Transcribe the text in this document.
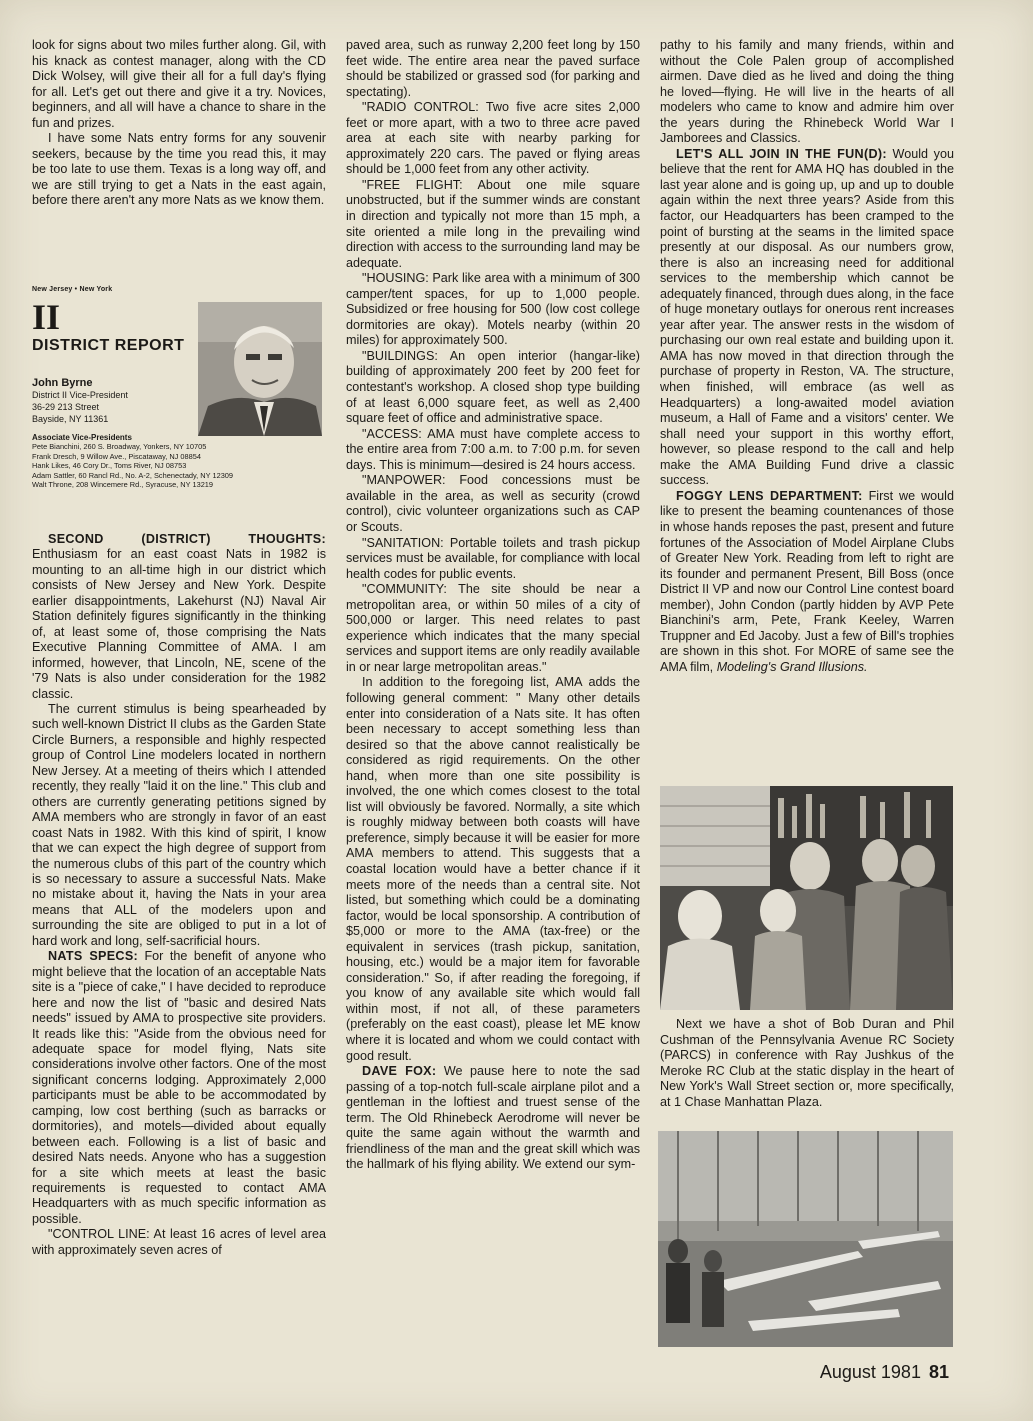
look for signs about two miles further along. Gil, with his knack as contest manager, along with the CD Dick Wolsey, will give their all for a full day's flying for all. Let's get out there and give it a try. Novices, beginners, and all will have a chance to share in the fun and prizes.

I have some Nats entry forms for any souvenir seekers, because by the time you read this, it may be too late to use them. Texas is a long way off, and we are still trying to get a Nats in the east again, before there aren't any more Nats as we know them.

New Jersey • New York
II
DISTRICT REPORT
John Byrne
District II Vice-President
36-29 213 Street
Bayside, NY 11361
Associate Vice-Presidents
Pete Bianchini, 260 S. Broadway, Yonkers, NY 10705
Frank Dresch, 9 Willow Ave., Piscataway, NJ 08854
Hank Likes, 46 Cory Dr., Toms River, NJ 08753
Adam Sattler, 60 Rancl Rd., No. A-2, Schenectady, NY 12309
Walt Throne, 208 Wincemere Rd., Syracuse, NY 13219

SECOND (DISTRICT) THOUGHTS: Enthusiasm for an east coast Nats in 1982 is mounting to an all-time high in our district which consists of New Jersey and New York. Despite earlier disappointments, Lakehurst (NJ) Naval Air Station definitely figures significantly in the thinking of, at least some of, those comprising the Nats Executive Planning Committee of AMA. I am informed, however, that Lincoln, NE, scene of the '79 Nats is also under consideration for the 1982 classic.

The current stimulus is being spearheaded by such well-known District II clubs as the Garden State Circle Burners, a responsible and highly respected group of Control Line modelers located in northern New Jersey. At a meeting of theirs which I attended recently, they really "laid it on the line." This club and others are currently generating petitions signed by AMA members who are strongly in favor of an east coast Nats in 1982. With this kind of spirit, I know that we can expect the high degree of support from the numerous clubs of this part of the country which is so necessary to assure a successful Nats. Make no mistake about it, having the Nats in your area means that ALL of the modelers upon and surrounding the site are obliged to put in a lot of hard work and long, self-sacrificial hours.

NATS SPECS: For the benefit of anyone who might believe that the location of an acceptable Nats site is a "piece of cake," I have decided to reproduce here and now the list of "basic and desired Nats needs" issued by AMA to prospective site providers. It reads like this: "Aside from the obvious need for adequate space for model flying, Nats site considerations involve other factors. One of the most significant concerns lodging. Approximately 2,000 participants must be able to be accommodated by camping, low cost berthing (such as barracks or dormitories), and motels—divided about equally between each. Following is a list of basic and desired Nats needs. Anyone who has a suggestion for a site which meets at least the basic requirements is requested to contact AMA Headquarters with as much specific information as possible.

"CONTROL LINE: At least 16 acres of level area with approximately seven acres of

paved area, such as runway 2,200 feet long by 150 feet wide. The entire area near the paved surface should be stabilized or grassed sod (for parking and spectating).

"RADIO CONTROL: Two five acre sites 2,000 feet or more apart, with a two to three acre paved area at each site with nearby parking for approximately 220 cars. The paved or flying areas should be 1,000 feet from any other activity.

"FREE FLIGHT: About one mile square unobstructed, but if the summer winds are constant in direction and typically not more than 15 mph, a site oriented a mile long in the prevailing wind direction with access to the surrounding land may be adequate.

"HOUSING: Park like area with a minimum of 300 camper/tent spaces, for up to 1,000 people. Subsidized or free housing for 500 (low cost college dormitories are okay). Motels nearby (within 20 miles) for approximately 500.

"BUILDINGS: An open interior (hangar-like) building of approximately 200 feet by 200 feet for contestant's workshop. A closed shop type building of at least 6,000 square feet, as well as 2,400 square feet of office and administrative space.

"ACCESS: AMA must have complete access to the entire area from 7:00 a.m. to 7:00 p.m. for seven days. This is minimum—desired is 24 hours access.

"MANPOWER: Food concessions must be available in the area, as well as security (crowd control), civic volunteer organizations such as CAP or Scouts.

"SANITATION: Portable toilets and trash pickup services must be available, for compliance with local health codes for public events.

"COMMUNITY: The site should be near a metropolitan area, or within 50 miles of a city of 500,000 or larger. This need relates to past experience which indicates that the many special services and support items are only readily available in or near large metropolitan areas."

In addition to the foregoing list, AMA adds the following general comment: " Many other details enter into consideration of a Nats site. It has often been necessary to accept something less than desired so that the above cannot realistically be considered as rigid requirements. On the other hand, when more than one site possibility is involved, the one which comes closest to the total list will obviously be favored. Normally, a site which is roughly midway between both coasts will have preference, simply because it will be easier for more AMA members to attend. This suggests that a coastal location would have a better chance if it meets more of the needs than a central site. Not listed, but something which could be a dominating factor, would be local sponsorship. A contribution of $5,000 or more to the AMA (tax-free) or the equivalent in services (trash pickup, sanitation, housing, etc.) would be a major item for favorable consideration." So, if after reading the foregoing, if you know of any available site which would fall within most, if not all, of these parameters (preferably on the east coast), please let ME know where it is located and whom we could contact with good result.

DAVE FOX: We pause here to note the sad passing of a top-notch full-scale airplane pilot and a gentleman in the loftiest and truest sense of the term. The Old Rhinebeck Aerodrome will never be quite the same again without the warmth and friendliness of the man and the great skill which was the hallmark of his flying ability. We extend our sym-

pathy to his family and many friends, within and without the Cole Palen group of accomplished airmen. Dave died as he lived and doing the thing he loved—flying. He will live in the hearts of all modelers who came to know and admire him over the years during the Rhinebeck World War I Jamborees and Classics.

LET'S ALL JOIN IN THE FUN(D): Would you believe that the rent for AMA HQ has doubled in the last year alone and is going up, up and up to double again within the next three years? Aside from this factor, our Headquarters has been cramped to the point of bursting at the seams in the limited space presently at our disposal. As our numbers grow, there is also an increasing need for additional services to the membership which cannot be adequately financed, through dues along, in the face of huge monetary outlays for onerous rent increases year after year. The answer rests in the wisdom of purchasing our own real estate and building upon it. AMA has now moved in that direction through the purchase of property in Reston, VA. The structure, when finished, will embrace (as well as Headquarters) a long-awaited model aviation museum, a Hall of Fame and a visitors' center. We shall need your support in this worthy effort, however, so please respond to the call and help make the AMA Building Fund drive a classic success.

FOGGY LENS DEPARTMENT: First we would like to present the beaming countenances of those in whose hands reposes the past, present and future fortunes of the Association of Model Airplane Clubs of Greater New York. Reading from left to right are its founder and permanent Present, Bill Boss (once District II VP and now our Control Line contest board member), John Condon (partly hidden by AVP Pete Bianchini's arm, Pete, Frank Keeley, Warren Truppner and Ed Jacoby. Just a few of Bill's trophies are shown in this shot. For MORE of same see the AMA film, Modeling's Grand Illusions.

Next we have a shot of Bob Duran and Phil Cushman of the Pennsylvania Avenue RC Society (PARCS) in conference with Ray Jushkus of the Meroke RC Club at the static display in the heart of New York's Wall Street section or, more specifically, at 1 Chase Manhattan Plaza.
August 1981 81
